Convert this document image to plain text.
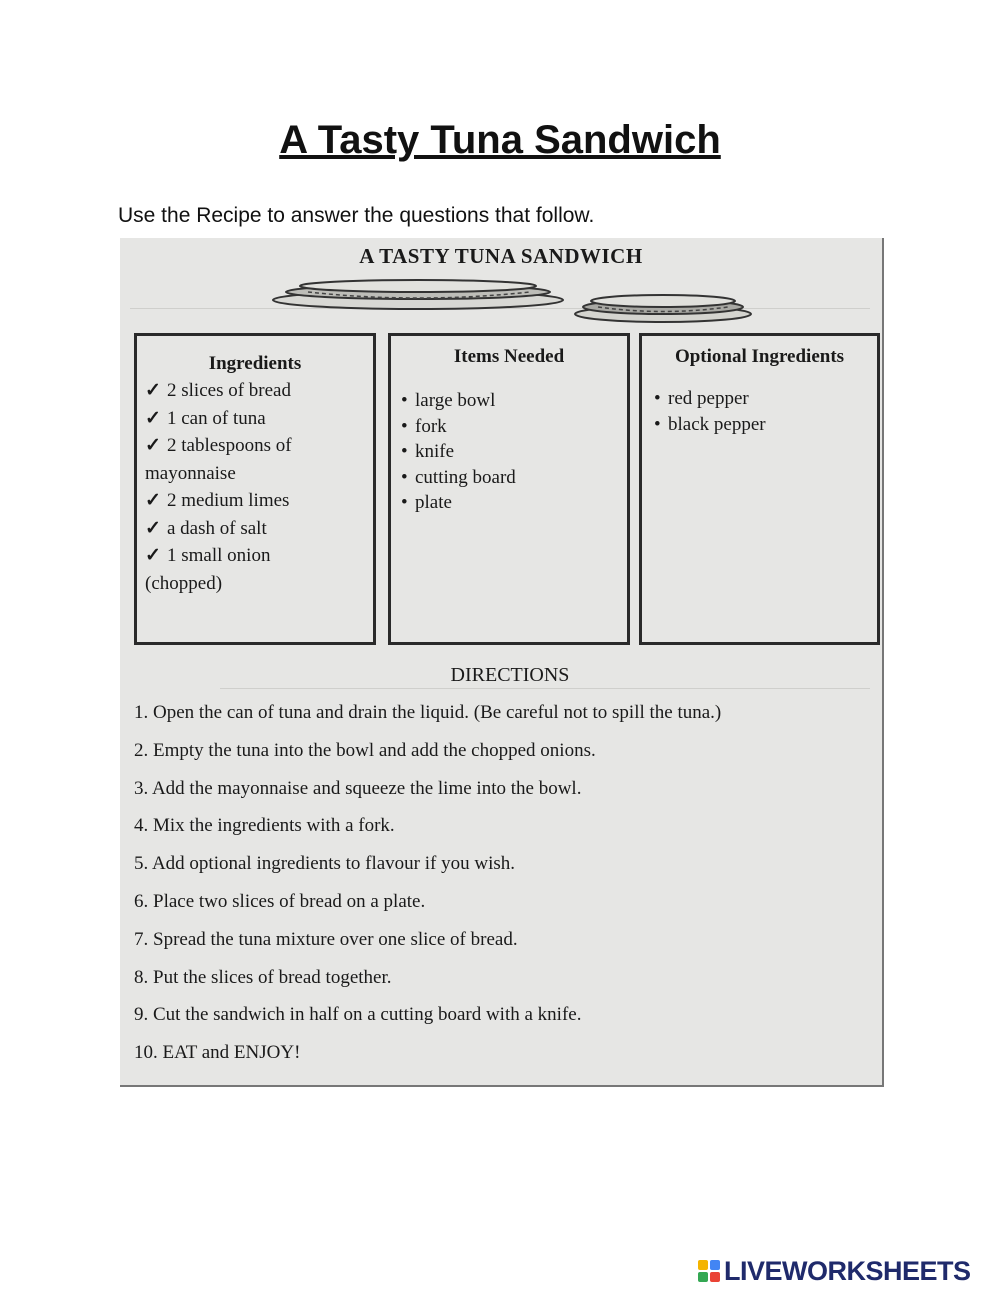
A Tasty Tuna Sandwich
Use the Recipe to answer the questions that follow.
A TASTY TUNA SANDWICH
Ingredients
✓ 2 slices of bread
✓ 1 can of tuna
✓ 2 tablespoons of
mayonnaise
✓ 2 medium limes
✓ a dash of salt
✓ 1 small onion
(chopped)
Items Needed
• large bowl
• fork
• knife
• cutting board
• plate
Optional Ingredients
• red pepper
• black pepper
DIRECTIONS
1. Open the can of tuna and drain the liquid. (Be careful not to spill the tuna.)
2. Empty the tuna into the bowl and add the chopped onions.
3. Add the mayonnaise and squeeze the lime into the bowl.
4. Mix the ingredients with a fork.
5. Add optional ingredients to flavour if you wish.
6. Place two slices of bread on a plate.
7. Spread the tuna mixture over one slice of bread.
8. Put the slices of bread together.
9. Cut the sandwich in half on a cutting board with a knife.
10. EAT and ENJOY!
LIVEWORKSHEETS
